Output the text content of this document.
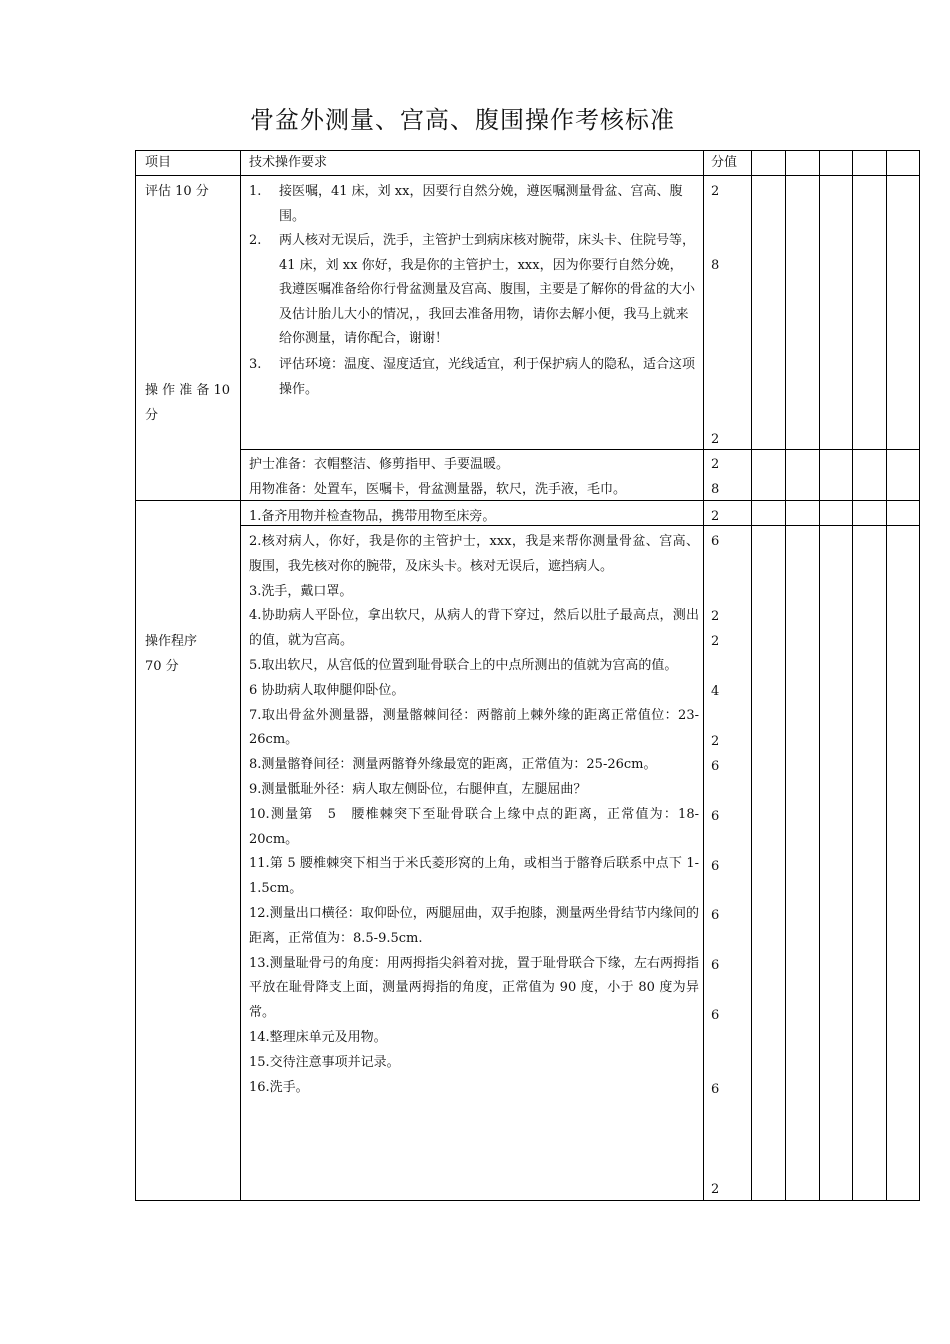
骨盆外测量、宫高、腹围操作考核标准
项目	技术操作要求	分值
评估 10 分
操 作 准 备 10
分
操作程序
70 分
1. 接医嘱，41 床，刘 xx，因要行自然分娩，遵医嘱测量骨盆、宫高、腹围。

2. 两人核对无误后，洗手，主管护士到病床核对腕带，床头卡、住院号等，41 床，刘 xx 你好，我是你的主管护士，xxx，因为你要行自然分娩，我遵医嘱准备给你行骨盆测量及宫高、腹围，主要是了解你的骨盆的大小及估计胎儿大小的情况，，我回去准备用物，请你去解小便，我马上就来给你测量，请你配合，谢谢！

3. 评估环境：温度、湿度适宜，光线适宜，利于保护病人的隐私，适合这项操作。

护士准备：衣帽整洁、修剪指甲、手要温暖。
用物准备：处置车，医嘱卡，骨盆测量器，软尺，洗手液，毛巾。
1.备齐用物并检查物品，携带用物至床旁。

2.核对病人，你好，我是你的主管护士，xxx，我是来帮你测量骨盆、宫高、腹围，我先核对你的腕带，及床头卡。核对无误后，遮挡病人。

3.洗手，戴口罩。

4.协助病人平卧位，拿出软尺，从病人的背下穿过，然后以肚子最高点，测出的值，就为宫高。

5.取出软尺，从宫低的位置到耻骨联合上的中点所测出的值就为宫高的值。

6 协助病人取伸腿仰卧位。

7.取出骨盆外测量器，测量髂棘间径：两髂前上棘外缘的距离正常值位：23-26cm。

8.测量髂脊间径：测量两髂脊外缘最宽的距离，正常值为：25-26cm。

9.测量骶耻外径：病人取左侧卧位，右腿伸直，左腿屈曲？

10.测量第　5　腰椎棘突下至耻骨联合上缘中点的距离，正常值为：18-20cm。

11.第 5 腰椎棘突下相当于米氏菱形窝的上角，或相当于髂脊后联系中点下 1-1.5cm。

12.测量出口横径：取仰卧位，两腿屈曲，双手抱膝，测量两坐骨结节内缘间的距离，正常值为：8.5-9.5cm.

13.测量耻骨弓的角度：用两拇指尖斜着对拢，置于耻骨联合下缘，左右两拇指平放在耻骨降支上面，测量两拇指的角度，正常值为 90 度，小于 80 度为异常。

14.整理床单元及用物。

15.交待注意事项并记录。

16.洗手。

2
8
2
2
8
2
6
2
2
4
2
6
6
6
6
6
6
6
2
